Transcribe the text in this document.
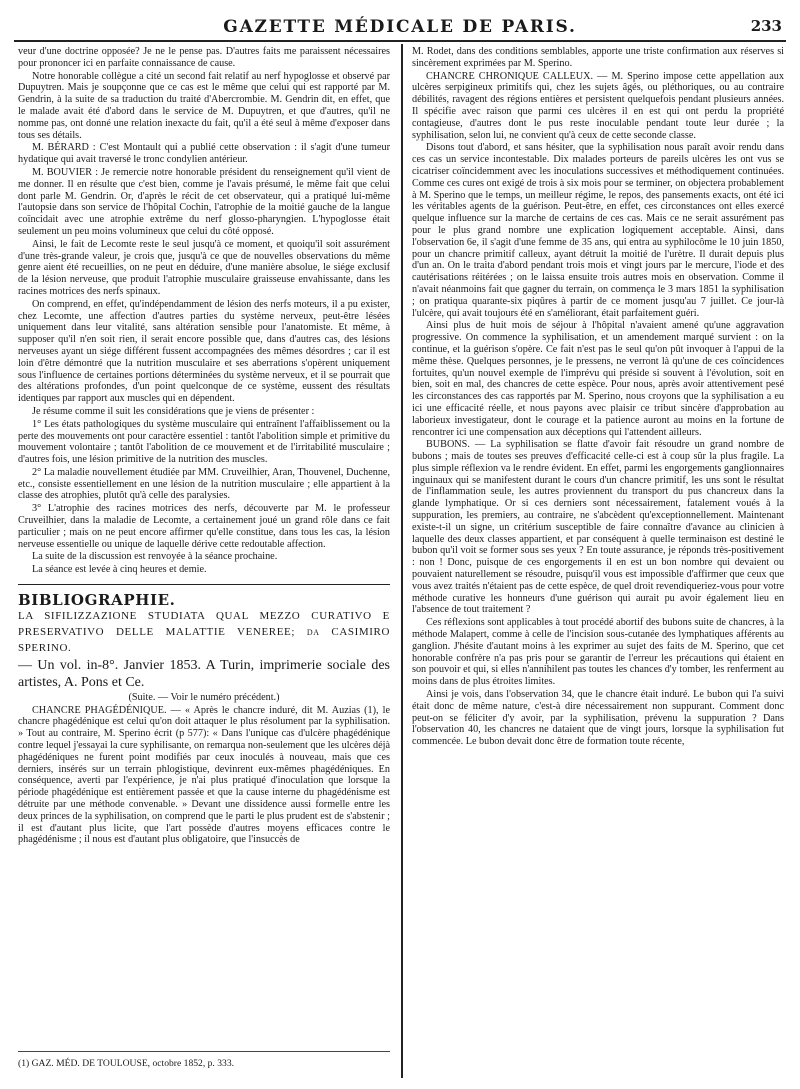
GAZETTE MÉDICALE DE PARIS.	233

veur d'une doctrine opposée? Je ne le pense pas. D'autres faits me paraissent nécessaires pour prononcer ici en parfaite connaissance de cause.

Notre honorable collègue a cité un second fait relatif au nerf hypoglosse et observé par Dupuytren. Mais je soupçonne que ce cas est le même que celui qui est rapporté par M. Gendrin, à la suite de sa traduction du traité d'Abercrombie. M. Gendrin dit, en effet, que le malade avait été d'abord dans le service de M. Dupuytren, et que d'autres, qu'il ne nomme pas, ont donné une relation inexacte du fait, qu'il a été seul à même d'exposer dans tous ses détails.

M. BÉRARD : C'est Montault qui a publié cette observation : il s'agit d'une tumeur hydatique qui avait traversé le tronc condylien antérieur.

M. BOUVIER : Je remercie notre honorable président du renseignement qu'il vient de me donner. Il en résulte que c'est bien, comme je l'avais présumé, le même fait que celui dont parle M. Gendrin. Or, d'après le récit de cet observateur, qui a pratiqué lui-même l'autopsie dans son service de l'hôpital Cochin, l'atrophie de la moitié gauche de la langue coïncidait avec une atrophie extrême du nerf glosso-pharyngien. L'hypoglosse était seulement un peu moins volumineux que celui du côté opposé.

Ainsi, le fait de Lecomte reste le seul jusqu'à ce moment, et quoiqu'il soit assurément d'une très-grande valeur, je crois que, jusqu'à ce que de nouvelles observations du même genre aient été recueillies, on ne peut en déduire, d'une manière absolue, le siége exclusif de la lésion nerveuse, que produit l'atrophie musculaire graisseuse envahissante, dans les racines motrices des nerfs spinaux.

On comprend, en effet, qu'indépendamment de lésion des nerfs moteurs, il a pu exister, chez Lecomte, une affection d'autres parties du système nerveux, peut-être lésées uniquement dans leur vitalité, sans altération sensible pour l'anatomiste. Et même, à supposer qu'il n'en soit rien, il serait encore possible que, dans d'autres cas, des lésions nerveuses ayant un siége différent fussent accompagnées des mêmes désordres ; car il est loin d'être démontré que la nutrition musculaire et ses aberrations s'opèrent uniquement sous l'influence de certaines portions déterminées du système nerveux, et il se pourrait que des altérations profondes, d'un point quelconque de ce système, eussent des résultats identiques par rapport aux muscles qui en dépendent.

Je résume comme il suit les considérations que je viens de présenter :

1° Les états pathologiques du système musculaire qui entraînent l'affaiblissement ou la perte des mouvements ont pour caractère essentiel : tantôt l'abolition simple et primitive du mouvement volontaire ; tantôt l'abolition de ce mouvement et de l'irritabilité musculaire ; d'autres fois, une lésion primitive de la nutrition des muscles.

2° La maladie nouvellement étudiée par MM. Cruveilhier, Aran, Thouvenel, Duchenne, etc., consiste essentiellement en une lésion de la nutrition musculaire ; elle appartient à la classe des atrophies, plutôt qu'à celle des paralysies.

3° L'atrophie des racines motrices des nerfs, découverte par M. le professeur Cruveilhier, dans la maladie de Lecomte, a certainement joué un grand rôle dans ce fait particulier ; mais on ne peut encore affirmer qu'elle constitue, dans tous les cas, la lésion nerveuse essentielle ou unique de laquelle dérive cette redoutable affection.

La suite de la discussion est renvoyée à la séance prochaine.

La séance est levée à cinq heures et demie.

BIBLIOGRAPHIE.

LA SIFILIZZAZIONE STUDIATA QUAL MEZZO CURATIVO E PRESERVATIVO DELLE MALATTIE VENEREE; da CASIMIRO SPERINO.

— Un vol. in-8°. Janvier 1853. A Turin, imprimerie sociale des artistes, A. Pons et Ce.

(Suite. — Voir le numéro précédent.)

CHANCRE PHAGÉDÉNIQUE. — « Après le chancre induré, dit M. Auzias (1), le chancre phagédénique est celui qu'on doit attaquer le plus résolument par la syphilisation. » Tout au contraire, M. Sperino écrit (p 577): « Dans l'unique cas d'ulcère phagédénique contre lequel j'essayai la cure syphilisante, on remarqua non-seulement que les ulcères déjà phagédéniques ne furent point modifiés par ceux inoculés à nouveau, mais que ces derniers, insérés sur un terrain phlogistique, devinrent eux-mêmes phagédéniques. En conséquence, averti par l'expérience, je n'ai plus pratiqué d'inoculation que lorsque la période phagédénique est entièrement passée et que la cause interne du phagédénisme est détruite par une méthode convenable. » Devant une dissidence aussi formelle entre les deux princes de la syphilisation, on comprend que le parti le plus prudent est de s'abstenir ; il est d'autant plus licite, que l'art possède d'autres moyens efficaces contre le phagédénisme ; il nous est d'autant plus obligatoire, que l'insuccès de

(1) GAZ. MÉD. DE TOULOUSE, octobre 1852, p. 333.

M. Rodet, dans des conditions semblables, apporte une triste confirmation aux réserves si sincèrement exprimées par M. Sperino.

CHANCRE CHRONIQUE CALLEUX. — M. Sperino impose cette appellation aux ulcères serpigineux primitifs qui, chez les sujets âgés, ou pléthoriques, ou au contraire débilités, ravagent des régions entières et persistent quelquefois pendant plusieurs années. Il spécifie avec raison que parmi ces ulcères il en est qui ont perdu la propriété contagieuse, d'autres dont le pus reste inoculable pendant toute leur durée ; la syphilisation, selon lui, ne convient qu'à ceux de cette seconde classe.

Disons tout d'abord, et sans hésiter, que la syphilisation nous paraît avoir rendu dans ces cas un service incontestable. Dix malades porteurs de pareils ulcères les ont vus se cicatriser coïncidemment avec les inoculations successives et méthodiquement continuées. Comme ces cures ont exigé de trois à six mois pour se terminer, on objectera probablement à M. Sperino que le temps, un meilleur régime, le repos, des pansements exacts, ont été ici les véritables agents de la guérison. Peut-être, en effet, ces circonstances ont elles exercé quelque influence sur la marche de certains de ces cas. Mais ce ne serait assurément pas pour le plus grand nombre une explication logiquement acceptable. Ainsi, dans l'observation 6e, il s'agit d'une femme de 35 ans, qui entra au syphilocôme le 10 juin 1850, pour un chancre primitif calleux, ayant détruit la moitié de l'urètre. Il durait depuis plus d'un an. On le traita d'abord pendant trois mois et vingt jours par le mercure, l'iode et des cautérisations réitérées ; on le laissa ensuite trois autres mois en observation. Comme il n'avait néanmoins fait que gagner du terrain, on commença le 3 mars 1851 la syphilisation ; on pratiqua quarante-six piqûres à partir de ce moment jusqu'au 7 juillet. Ce jour-là l'ulcère, qui avait toujours été en s'améliorant, était parfaitement guéri.

Ainsi plus de huit mois de séjour à l'hôpital n'avaient amené qu'une aggravation progressive. On commence la syphilisation, et un amendement marqué survient : on la continue, et la guérison s'opère. Ce fait n'est pas le seul qu'on pût invoquer à l'appui de la même thèse. Quelques personnes, je le pressens, ne verront là qu'une de ces coïncidences fortuites, qu'un nouvel exemple de l'imprévu qui préside si souvent à l'évolution, soit en bien, soit en mal, des chancres de cette espèce. Pour nous, après avoir attentivement pesé les circonstances des cas rapportés par M. Sperino, nous croyons que la syphilisation a eu ici une efficacité réelle, et nous payons avec plaisir ce tribut sincère d'approbation au laborieux investigateur, dont le courage et la patience auront au moins en la fortune de rencontrer ici une compensation aux déceptions qui l'attendent ailleurs.

BUBONS. — La syphilisation se flatte d'avoir fait résoudre un grand nombre de bubons ; mais de toutes ses preuves d'efficacité celle-ci est à coup sûr la plus fragile. La plus simple réflexion va le rendre évident. En effet, parmi les engorgements ganglionnaires inguinaux qui se manifestent durant le cours d'un chancre primitif, les uns sont le résultat de l'inflammation seule, les autres proviennent du transport du pus chancreux dans la glande lymphatique. Or si ces derniers sont nécessairement, fatalement voués à la suppuration, les premiers, au contraire, ne s'abcèdent qu'exceptionnellement. Maintenant existe-t-il un signe, un critérium susceptible de faire connaître d'avance au clinicien à laquelle des deux classes appartient, et par conséquent à quelle terminaison est destiné le bubon qu'il voit se former sous ses yeux ? En toute assurance, je réponds très-positivement : non ! Donc, puisque de ces engorgements il en est un bon nombre qui devaient ou pouvaient naturellement se résoudre, puisqu'il vous est impossible d'affirmer que ceux que vous avez traités n'étaient pas de cette espèce, de quel droit revendiqueriez-vous pour votre méthode curative les honneurs d'une guérison qui aurait pu avoir également lieu en l'absence de tout traitement ?

Ces réflexions sont applicables à tout procédé abortif des bubons suite de chancres, à la méthode Malapert, comme à celle de l'incision sous-cutanée des lymphatiques afférents au ganglion. J'hésite d'autant moins à les exprimer au sujet des faits de M. Sperino, que cet honorable confrère n'a pas pris pour se garantir de l'erreur les précautions qui étaient en son pouvoir et qui, si elles n'annihilent pas toutes les chances d'y tomber, les renferment au moins dans de plus étroites limites.

Ainsi je vois, dans l'observation 34, que le chancre était induré. Le bubon qui l'a suivi était donc de même nature, c'est-à dire nécessairement non suppurant. Comment donc peut-on se féliciter d'y avoir, par la syphilisation, prévenu la suppuration ? Dans l'observation 40, les chancres ne dataient que de vingt jours, lorsque la syphilisation fut commencée. Le bubon devait donc être de formation toute récente,
